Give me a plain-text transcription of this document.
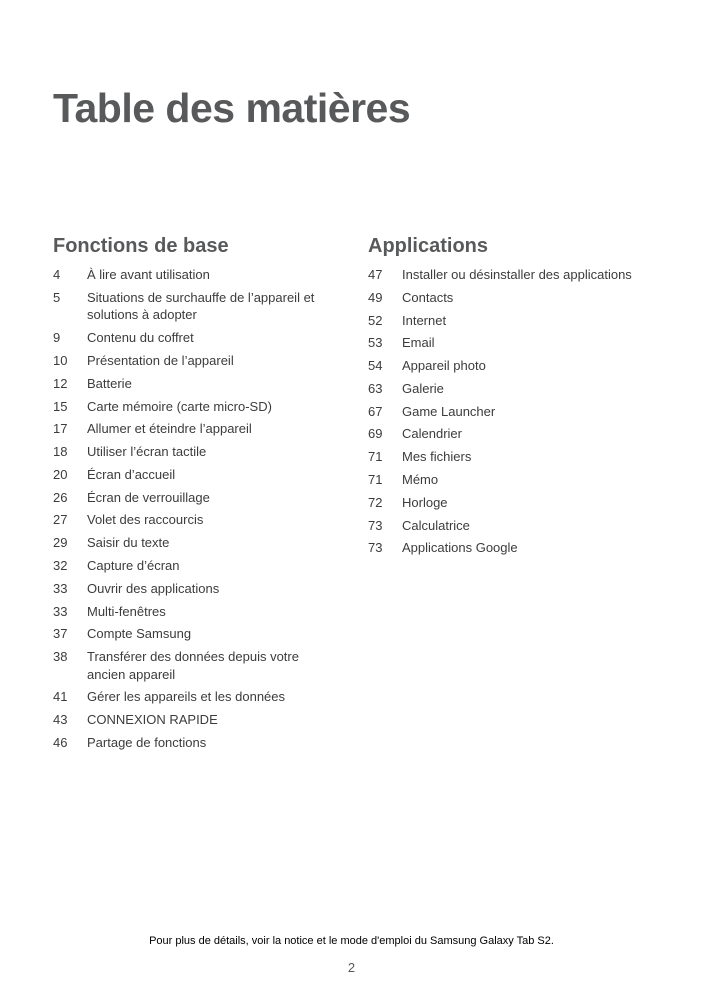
Table des matières
Fonctions de base
4	À lire avant utilisation
5	Situations de surchauffe de l’appareil et solutions à adopter
9	Contenu du coffret
10	Présentation de l’appareil
12	Batterie
15	Carte mémoire (carte micro-SD)
17	Allumer et éteindre l’appareil
18	Utiliser l’écran tactile
20	Écran d’accueil
26	Écran de verrouillage
27	Volet des raccourcis
29	Saisir du texte
32	Capture d’écran
33	Ouvrir des applications
33	Multi-fenêtres
37	Compte Samsung
38	Transférer des données depuis votre ancien appareil
41	Gérer les appareils et les données
43	CONNEXION RAPIDE
46	Partage de fonctions
Applications
47	Installer ou désinstaller des applications
49	Contacts
52	Internet
53	Email
54	Appareil photo
63	Galerie
67	Game Launcher
69	Calendrier
71	Mes fichiers
71	Mémo
72	Horloge
73	Calculatrice
73	Applications Google
Pour plus de détails, voir la notice et le mode d'emploi du Samsung Galaxy Tab S2.
2
